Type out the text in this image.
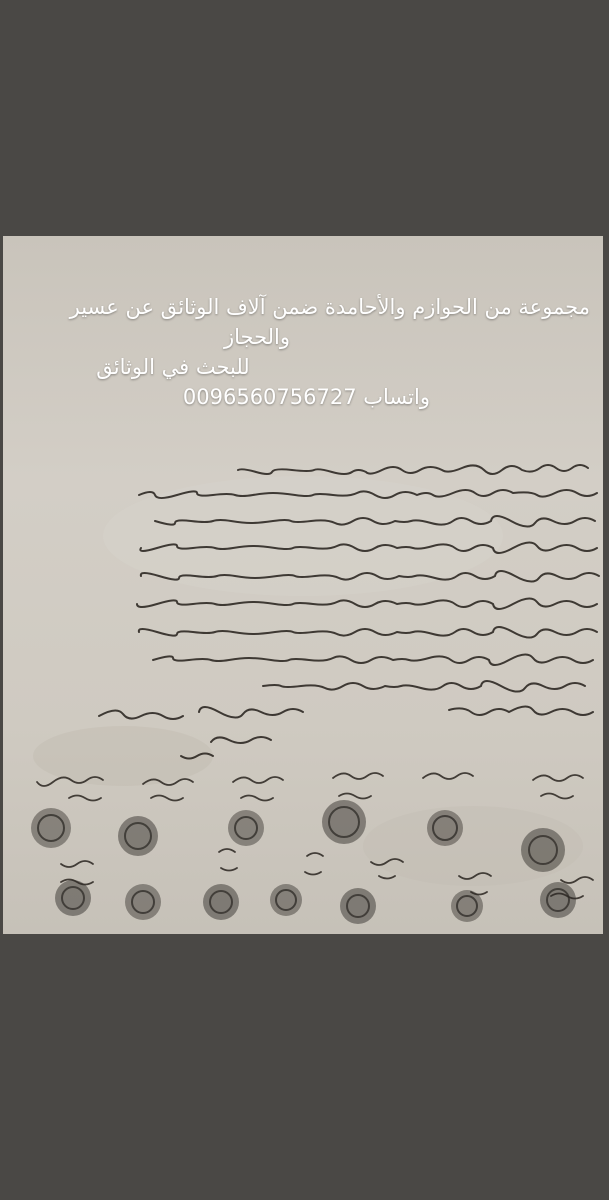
مجموعة من الحوازم والأحامدة ضمن آلاف الوثائق عن عسير

والحجاز

للبحث في الوثائق

واتساب 0096560756727
